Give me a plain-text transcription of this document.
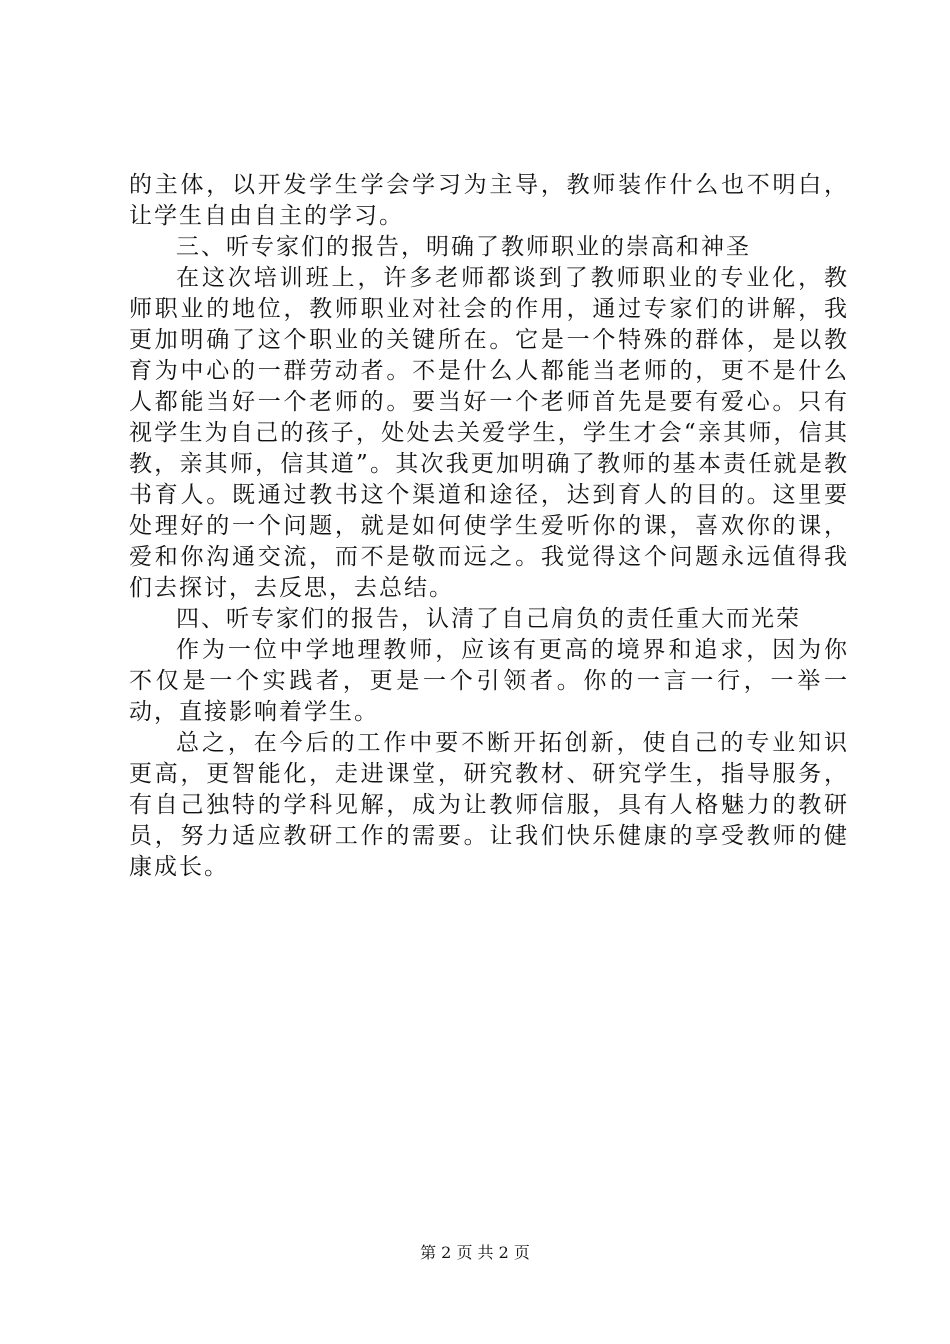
的主体，以开发学生学会学习为主导，教师装作什么也不明白，让学生自由自主的学习。

三、听专家们的报告，明确了教师职业的崇高和神圣

在这次培训班上，许多老师都谈到了教师职业的专业化，教师职业的地位，教师职业对社会的作用，通过专家们的讲解，我更加明确了这个职业的关键所在。它是一个特殊的群体，是以教育为中心的一群劳动者。不是什么人都能当老师的，更不是什么人都能当好一个老师的。要当好一个老师首先是要有爱心。只有视学生为自己的孩子，处处去关爱学生，学生才会“亲其师，信其教，亲其师，信其道”。其次我更加明确了教师的基本责任就是教书育人。既通过教书这个渠道和途径，达到育人的目的。这里要处理好的一个问题，就是如何使学生爱听你的课，喜欢你的课，爱和你沟通交流，而不是敬而远之。我觉得这个问题永远值得我们去探讨，去反思，去总结。

四、听专家们的报告，认清了自己肩负的责任重大而光荣

作为一位中学地理教师，应该有更高的境界和追求，因为你不仅是一个实践者，更是一个引领者。你的一言一行，一举一动，直接影响着学生。

总之，在今后的工作中要不断开拓创新，使自己的专业知识更高，更智能化，走进课堂，研究教材、研究学生，指导服务，有自己独特的学科见解，成为让教师信服，具有人格魅力的教研员，努力适应教研工作的需要。让我们快乐健康的享受教师的健康成长。

第 2 页 共 2 页
